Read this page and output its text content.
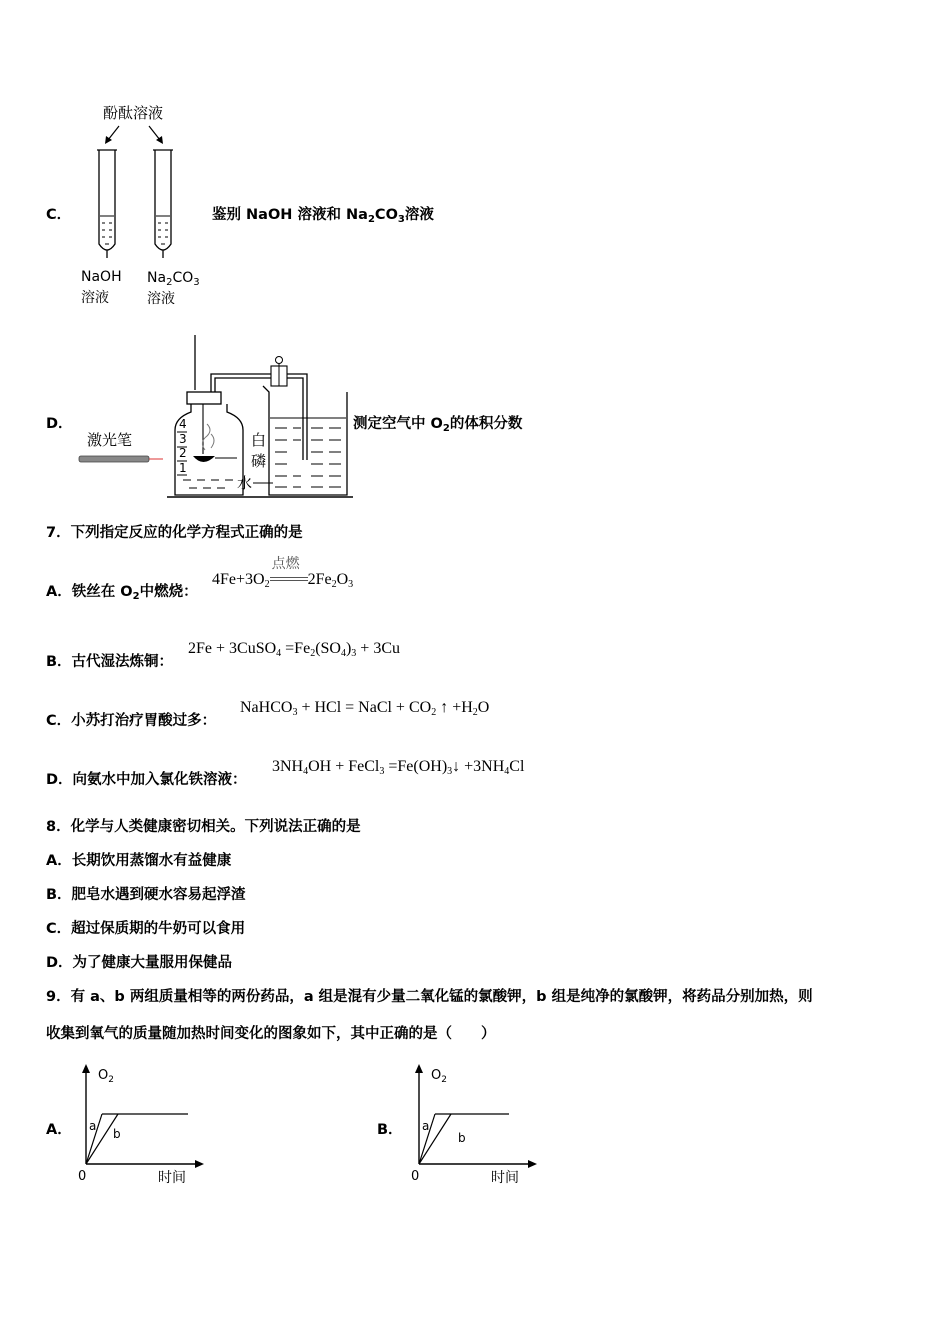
C．
酚酞溶液
NaOH
溶液
$Na_2CO_3$
溶液
鉴别 NaOH 溶液和 $Na_2CO_3$溶液
D．
激光笔
4
3
2
1
白
磷
水
测定空气中 $O_2$的体积分数
7．下列指定反应的化学方程式正确的是
A．铁丝在 $O_2$中燃烧：
$4Fe+3O_2$
点燃
$2Fe_2O_3$
B．古代湿法炼铜：
2Fe + 3CuSO$_4$ $=Fe_2(SO_4)_3 + 3Cu$
C．小苏打治疗胃酸过多：
NaHCO$_3$ + HCl = NaCl + $CO_2$ ↑ $+H_2O$
D．向氨水中加入氯化铁溶液：
$3NH_4OH$ + FeCl$_3$ $=Fe(OH)_3↓ +3NH_4Cl$
8．化学与人类健康密切相关。下列说法正确的是
A．长期饮用蒸馏水有益健康
B．肥皂水遇到硬水容易起浮渣
C．超过保质期的牛奶可以食用
D．为了健康大量服用保健品
9．有 a、b 两组质量相等的两份药品，a 组是混有少量二氧化锰的氯酸钾，b 组是纯净的氯酸钾，将药品分别加热，则
收集到氧气的质量随加热时间变化的图象如下，其中正确的是（　　）
A．
$O_2$
0	时间
a
b	B．
$O_2$
0	时间
a
b
